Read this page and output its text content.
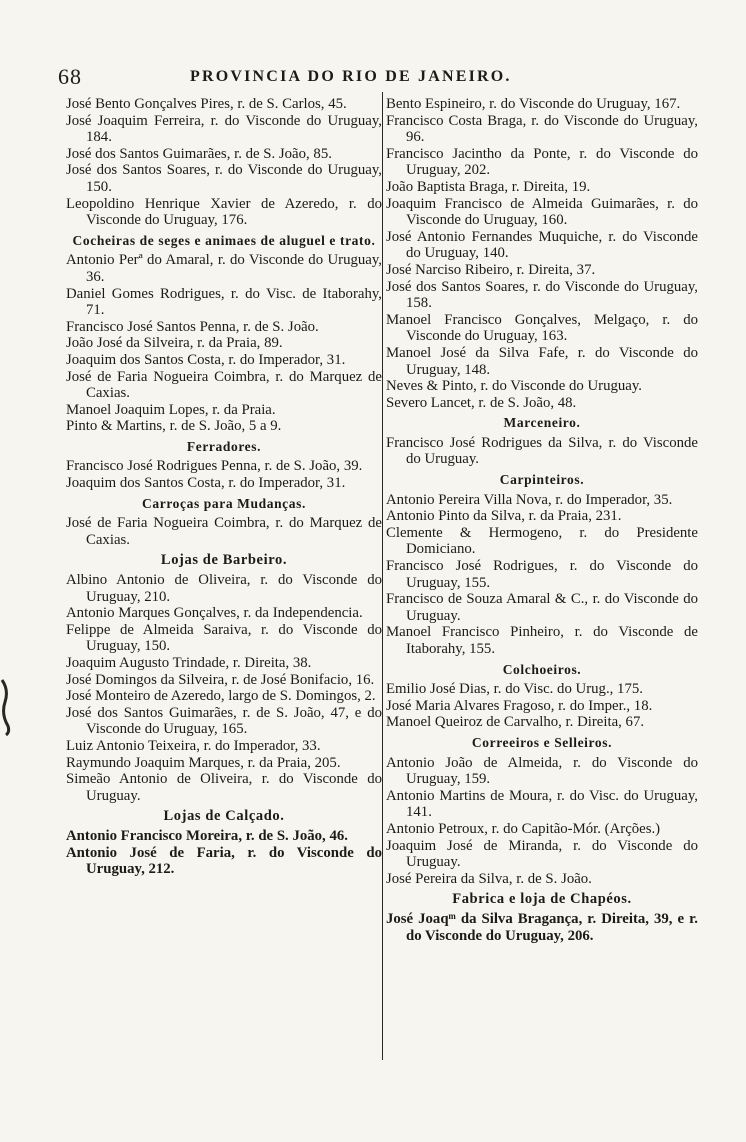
68	PROVINCIA DO RIO DE JANEIRO.
José Bento Gonçalves Pires, r. de S. Carlos, 45.
José Joaquim Ferreira, r. do Visconde do Uruguay, 184.
José dos Santos Guimarães, r. de S. João, 85.
José dos Santos Soares, r. do Visconde do Uruguay, 150.
Leopoldino Henrique Xavier de Azeredo, r. do Visconde do Uruguay, 176.
Cocheiras de seges e animaes de aluguel e trato.
Antonio Perª do Amaral, r. do Visconde do Uruguay, 36.
Daniel Gomes Rodrigues, r. do Visc. de Itaborahy, 71.
Francisco José Santos Penna, r. de S. João.
João José da Silveira, r. da Praia, 89.
Joaquim dos Santos Costa, r. do Imperador, 31.
José de Faria Nogueira Coimbra, r. do Marquez de Caxias.
Manoel Joaquim Lopes, r. da Praia.
Pinto & Martins, r. de S. João, 5 a 9.
Ferradores.
Francisco José Rodrigues Penna, r. de S. João, 39.
Joaquim dos Santos Costa, r. do Imperador, 31.
Carroças para Mudanças.
José de Faria Nogueira Coimbra, r. do Marquez de Caxias.
Lojas de Barbeiro.
Albino Antonio de Oliveira, r. do Visconde do Uruguay, 210.
Antonio Marques Gonçalves, r. da Independencia.
Felippe de Almeida Saraiva, r. do Visconde do Uruguay, 150.
Joaquim Augusto Trindade, r. Direita, 38.
José Domingos da Silveira, r. de José Bonifacio, 16.
José Monteiro de Azeredo, largo de S. Domingos, 2.
José dos Santos Guimarães, r. de S. João, 47, e do Visconde do Uruguay, 165.
Luiz Antonio Teixeira, r. do Imperador, 33.
Raymundo Joaquim Marques, r. da Praia, 205.
Simeão Antonio de Oliveira, r. do Visconde do Uruguay.
Lojas de Calçado.
Antonio Francisco Moreira, r. de S. João, 46.
Antonio José de Faria, r. do Visconde do Uruguay, 212.
Bento Espineiro, r. do Visconde do Uruguay, 167.
Francisco Costa Braga, r. do Visconde do Uruguay, 96.
Francisco Jacintho da Ponte, r. do Visconde do Uruguay, 202.
João Baptista Braga, r. Direita, 19.
Joaquim Francisco de Almeida Guimarães, r. do Visconde do Uruguay, 160.
José Antonio Fernandes Muquiche, r. do Visconde do Uruguay, 140.
José Narciso Ribeiro, r. Direita, 37.
José dos Santos Soares, r. do Visconde do Uruguay, 158.
Manoel Francisco Gonçalves, Melgaço, r. do Visconde do Uruguay, 163.
Manoel José da Silva Fafe, r. do Visconde do Uruguay, 148.
Neves & Pinto, r. do Visconde do Uruguay.
Severo Lancet, r. de S. João, 48.
Marceneiro.
Francisco José Rodrigues da Silva, r. do Visconde do Uruguay.
Carpinteiros.
Antonio Pereira Villa Nova, r. do Imperador, 35.
Antonio Pinto da Silva, r. da Praia, 231.
Clemente & Hermogeno, r. do Presidente Domiciano.
Francisco José Rodrigues, r. do Visconde do Uruguay, 155.
Francisco de Souza Amaral & C., r. do Visconde do Uruguay.
Manoel Francisco Pinheiro, r. do Visconde de Itaborahy, 155.
Colchoeiros.
Emilio José Dias, r. do Visc. do Urug., 175.
José Maria Alvares Fragoso, r. do Imper., 18.
Manoel Queiroz de Carvalho, r. Direita, 67.
Correeiros e Selleiros.
Antonio João de Almeida, r. do Visconde do Uruguay, 159.
Antonio Martins de Moura, r. do Visc. do Uruguay, 141.
Antonio Petroux, r. do Capitão-Mór. (Arções.)
Joaquim José de Miranda, r. do Visconde do Uruguay.
José Pereira da Silva, r. de S. João.
Fabrica e loja de Chapéos.
José Joaqᵐ da Silva Bragança, r. Direita, 39, e r. do Visconde do Uruguay, 206.
